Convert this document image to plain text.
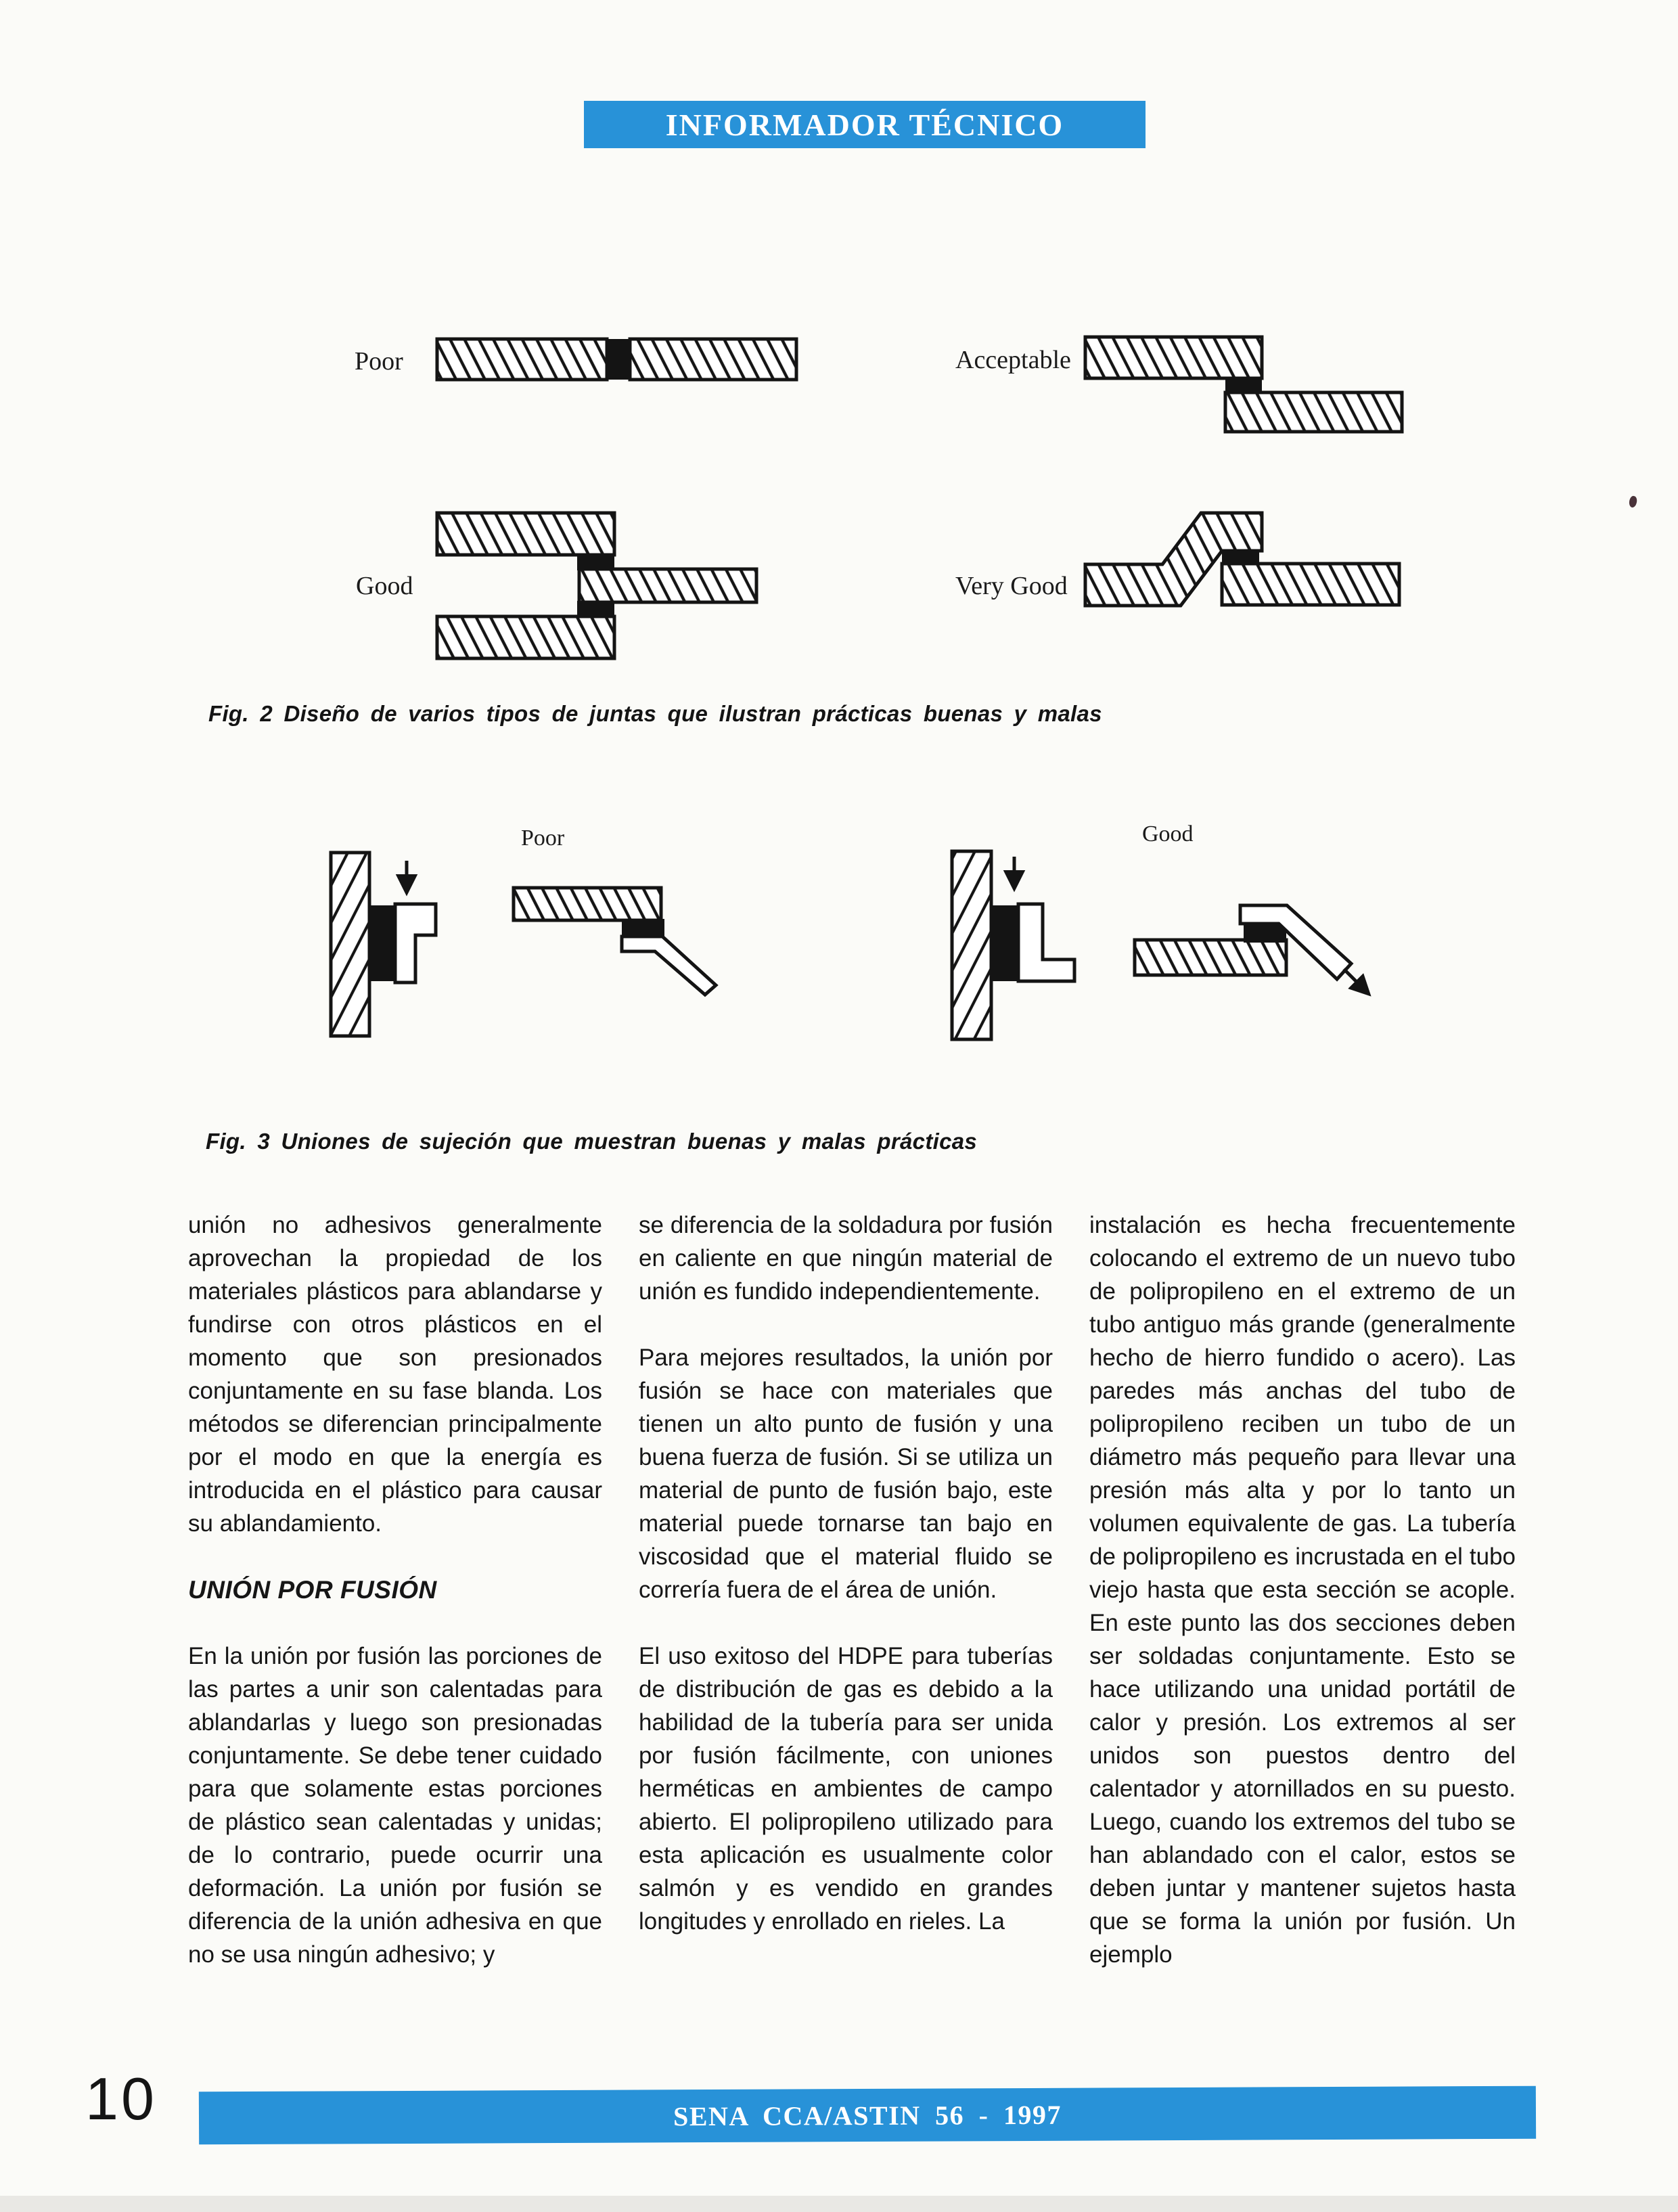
INFORMADOR TÉCNICO
Poor	Acceptable
Good	Very Good
Poor	Good
Fig. 2 Diseño de varios tipos de juntas que ilustran prácticas buenas y malas
Fig. 3 Uniones de sujeción que muestran buenas y malas prácticas

unión no adhesivos generalmente aprovechan la propiedad de los materiales plásticos para ablandarse y fundirse con otros plásticos en el momento que son presionados conjuntamente en su fase blanda. Los métodos se diferencian principalmente por el modo en que la energía es introducida en el plástico para causar su ablandamiento.

UNIÓN POR FUSIÓN

En la unión por fusión las porciones de las partes a unir son calentadas para ablandarlas y luego son presionadas conjuntamente. Se debe tener cuidado para que solamente estas porciones de plástico sean calentadas y unidas; de lo contrario, puede ocurrir una deformación. La unión por fusión se diferencia de la unión adhesiva en que no se usa ningún adhesivo; y

se diferencia de la soldadura por fusión en caliente en que ningún material de unión es fundido independientemente.

Para mejores resultados, la unión por fusión se hace con materiales que tienen un alto punto de fusión y una buena fuerza de fusión. Si se utiliza un material de punto de fusión bajo, este material puede tornarse tan bajo en viscosidad que el material fluido se correría fuera de el área de unión.

El uso exitoso del HDPE para tuberías de distribución de gas es debido a la habilidad de la tubería para ser unida por fusión fácilmente, con uniones herméticas en ambientes de campo abierto. El polipropileno utilizado para esta aplicación es usualmente color salmón y es vendido en grandes longitudes y enrollado en rieles. La

instalación es hecha frecuentemente colocando el extremo de un nuevo tubo de polipropileno en el extremo de un tubo antiguo más grande (generalmente hecho de hierro fundido o acero). Las paredes más anchas del tubo de polipropileno reciben un tubo de un diámetro más pequeño para llevar una presión más alta y por lo tanto un volumen equivalente de gas. La tubería de polipropileno es incrustada en el tubo viejo hasta que esta sección se acople. En este punto las dos secciones deben ser soldadas conjuntamente. Esto se hace utilizando una unidad portátil de calor y presión. Los extremos al ser unidos son puestos dentro del calentador y atornillados en su puesto. Luego, cuando los extremos del tubo se han ablandado con el calor, estos se deben juntar y mantener sujetos hasta que se forma la unión por fusión. Un ejemplo

10	SENA CCA/ASTIN 56 - 1997
